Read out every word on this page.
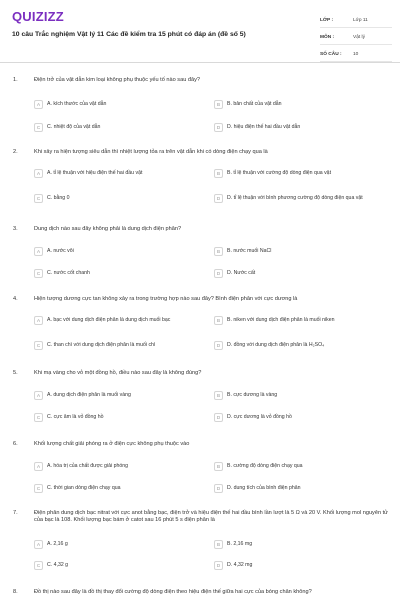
QUIZIZZ
10 câu Trắc nghiệm Vật lý 11 Các đề kiểm tra 15 phút có đáp án (đề số 5)
LỚP :	Lớp 11
MÔN :	Vật lý
SỐ CÂU :	10
1.	Điện trở của vật dẫn kim loại không phụ thuộc yếu tố nào sau đây?
A	A. kích thước của vật dẫn	B	B. bản chất của vật dẫn
C	C. nhiệt độ của vật dẫn	D	D. hiệu điện thế hai đầu vật dẫn
2.	Khi xảy ra hiện tượng siêu dẫn thì nhiệt lượng tỏa ra trên vật dẫn khi có dòng điện chạy qua là
A	A. tỉ lệ thuận với hiệu điện thế hai đầu vật	B	B. tỉ lệ thuận với cường độ dòng điện qua vật
C	C. bằng 0	D	D. tỉ lệ thuận với bình phương cường độ dòng điện qua vật
3.	Dung dịch nào sau đây không phải là dung dịch điện phân?
A	A. nước vôi	B	B. nước muối NaCl
C	C. nước cốt chanh	D	D. Nước cất
4.	Hiện tượng dương cực tan không xảy ra trong trường hợp nào sau đây? Bình điện phân với cực dương là
A	A. bạc với dung dịch điện phân là dung dịch muối bạc	B	B. niken với dung dịch điện phân là muối niken
C	C. than chì với dung dịch điện phân là muối chì	D	D. đồng với dung dịch điện phân là H₂SO₄
5.	Khi mạ vàng cho vỏ một đồng hồ, điều nào sau đây là không đúng?
A	A. dung dịch điện phân là muối vàng	B	B. cực dương là vàng
C	C. cực âm là vỏ đồng hồ	D	D. cực dương là vỏ đồng hồ
6.	Khối lượng chất giải phóng ra ở điện cực không phụ thuộc vào
A	A. hóa trị của chất được giải phóng	B	B. cường độ dòng điện chạy qua
C	C. thời gian dòng điện chạy qua	D	D. dung tích của bình điện phân
7.	Điện phân dung dịch bạc nitrat với cực anot bằng bạc, điện trở và hiệu điện thế hai đầu bình lần lượt là 5 Ω và 20 V. Khối lượng mol nguyên tử của bạc là 108. Khối lượng bạc bám ở catot sau 16 phút 5 s điện phân là
A	A. 2,16 g	B	B. 2,16 mg
C	C. 4,32 g	D	D. 4,32 mg
8.	Đồ thị nào sau đây là đồ thị thay đổi cường độ dòng điện theo hiệu điện thế giữa hai cực của bóng chân không?
